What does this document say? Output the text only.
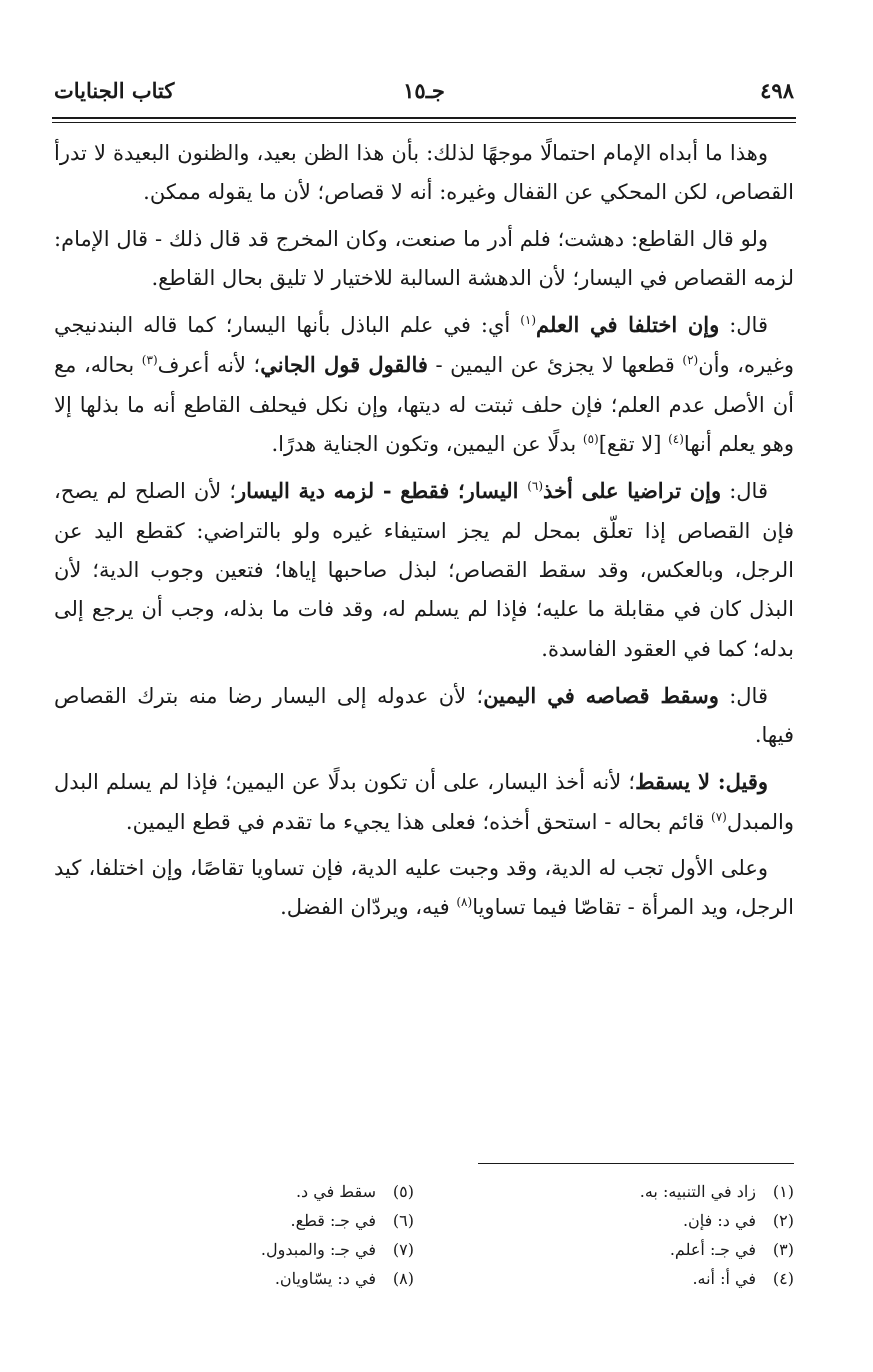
٤٩٨
جـ١٥
كتاب الجنايات

وهذا ما أبداه الإمام احتمالًا موجهًا لذلك: بأن هذا الظن بعيد، والظنون البعيدة لا تدرأ القصاص، لكن المحكي عن القفال وغيره: أنه لا قصاص؛ لأن ما يقوله ممكن.

ولو قال القاطع: دهشت؛ فلم أدر ما صنعت، وكان المخرج قد قال ذلك - قال الإمام: لزمه القصاص في اليسار؛ لأن الدهشة السالبة للاختيار لا تليق بحال القاطع.

قال: وإن اختلفا في العلم$^{(١)}$ أي: في علم الباذل بأنها اليسار؛ كما قاله البندنيجي وغيره، وأن$^{(٢)}$ قطعها لا يجزئ عن اليمين - فالقول قول الجاني؛ لأنه أعرف$^{(٣)}$ بحاله، مع أن الأصل عدم العلم؛ فإن حلف ثبتت له ديتها، وإن نكل فيحلف القاطع أنه ما بذلها إلا وهو يعلم أنها$^{(٤)}$ [لا تقع]$^{(٥)}$ بدلًا عن اليمين، وتكون الجناية هدرًا.

قال: وإن تراضيا على أخذ$^{(٦)}$ اليسار؛ فقطع - لزمه دية اليسار؛ لأن الصلح لم يصح، فإن القصاص إذا تعلّق بمحل لم يجز استيفاء غيره ولو بالتراضي: كقطع اليد عن الرجل، وبالعكس، وقد سقط القصاص؛ لبذل صاحبها إياها؛ فتعين وجوب الدية؛ لأن البذل كان في مقابلة ما عليه؛ فإذا لم يسلم له، وقد فات ما بذله، وجب أن يرجع إلى بدله؛ كما في العقود الفاسدة.

قال: وسقط قصاصه في اليمين؛ لأن عدوله إلى اليسار رضا منه بترك القصاص فيها.

وقيل: لا يسقط؛ لأنه أخذ اليسار، على أن تكون بدلًا عن اليمين؛ فإذا لم يسلم البدل والمبدل$^{(٧)}$ قائم بحاله - استحق أخذه؛ فعلى هذا يجيء ما تقدم في قطع اليمين.

وعلى الأول تجب له الدية، وقد وجبت عليه الدية، فإن تساويا تقاصًا، وإن اختلفا، كيد الرجل، ويد المرأة - تقاصّا فيما تساويا$^{(٨)}$ فيه، ويردّان الفضل.

(١)زاد في التنبيه: به.
(٢)في د: فإن.
(٣)في جـ: أعلم.
(٤)في أ: أنه.
(٥)سقط في د.
(٦)في جـ: قطع.
(٧)في جـ: والمبدول.
(٨)في د: يسّاويان.
